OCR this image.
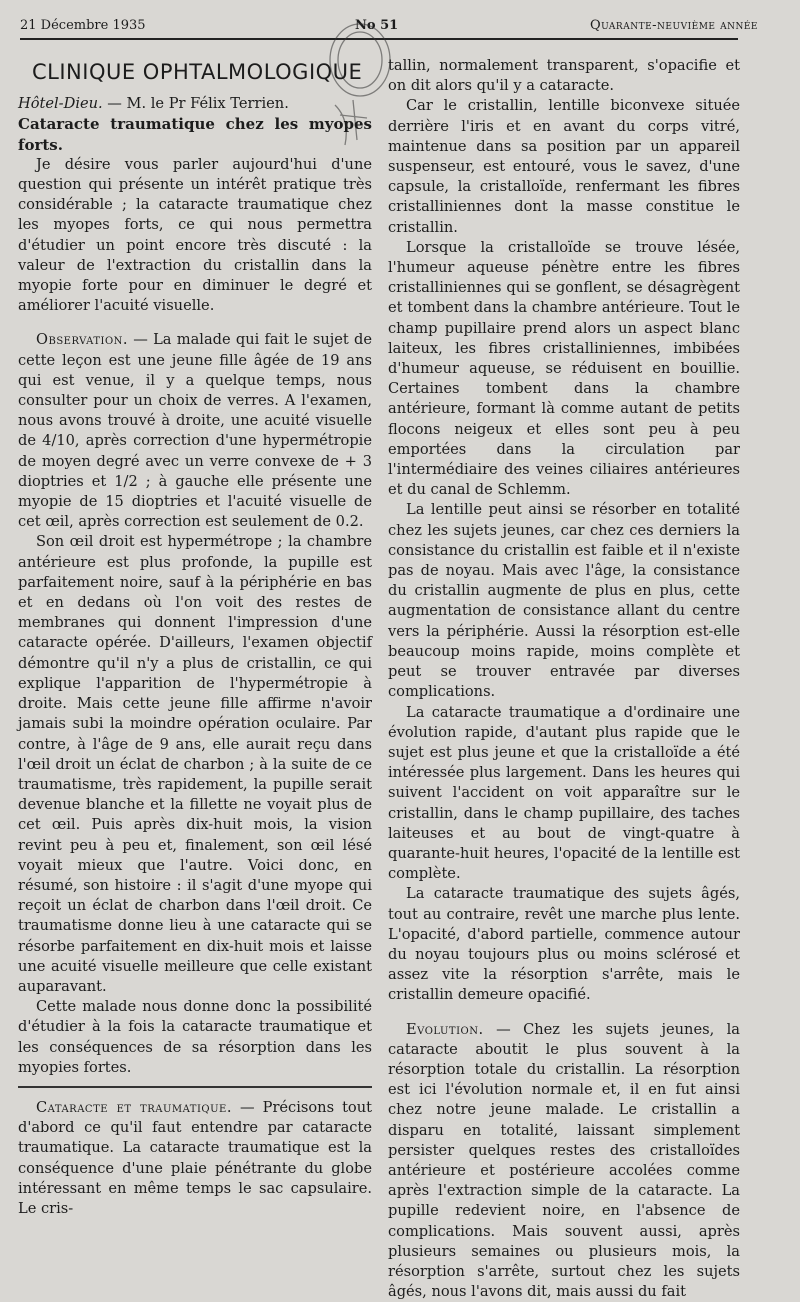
21 Décembre 1935	No 51	Quarante-neuvième année
CLINIQUE OPHTALMOLOGIQUE

Hôtel-Dieu. — M. le Pr Félix Terrien.

Cataracte traumatique chez les myopes forts.

Je désire vous parler aujourd'hui d'une question qui présente un intérêt pratique très considérable ; la cataracte traumatique chez les myopes forts, ce qui nous permettra d'étudier un point encore très discuté : la valeur de l'extraction du cristallin dans la myopie forte pour en diminuer le degré et améliorer l'acuité visuelle.

Observation. — La malade qui fait le sujet de cette leçon est une jeune fille âgée de 19 ans qui est venue, il y a quelque temps, nous consulter pour un choix de verres. A l'examen, nous avons trouvé à droite, une acuité visuelle de 4/10, après correction d'une hypermétropie de moyen degré avec un verre convexe de + 3 dioptries et 1/2 ; à gauche elle présente une myopie de 15 dioptries et l'acuité visuelle de cet œil, après correction est seulement de 0.2.

Son œil droit est hypermétrope ; la chambre antérieure est plus profonde, la pupille est parfaitement noire, sauf à la périphérie en bas et en dedans où l'on voit des restes de membranes qui donnent l'impression d'une cataracte opérée. D'ailleurs, l'examen objectif démontre qu'il n'y a plus de cristallin, ce qui explique l'apparition de l'hypermétropie à droite. Mais cette jeune fille affirme n'avoir jamais subi la moindre opération oculaire. Par contre, à l'âge de 9 ans, elle aurait reçu dans l'œil droit un éclat de charbon ; à la suite de ce traumatisme, très rapidement, la pupille serait devenue blanche et la fillette ne voyait plus de cet œil. Puis après dix-huit mois, la vision revint peu à peu et, finalement, son œil lésé voyait mieux que l'autre. Voici donc, en résumé, son histoire : il s'agit d'une myope qui reçoit un éclat de charbon dans l'œil droit. Ce traumatisme donne lieu à une cataracte qui se résorbe parfaitement en dix-huit mois et laisse une acuité visuelle meilleure que celle existant auparavant.

Cette malade nous donne donc la possibilité d'étudier à la fois la cataracte traumatique et les conséquences de sa résorption dans les myopies fortes.

Cataracte et traumatique. — Précisons tout d'abord ce qu'il faut entendre par cataracte traumatique. La cataracte traumatique est la conséquence d'une plaie pénétrante du globe intéressant en même temps le sac capsulaire. Le cris-

tallin, normalement transparent, s'opacifie et on dit alors qu'il y a cataracte.

Car le cristallin, lentille biconvexe située derrière l'iris et en avant du corps vitré, maintenue dans sa position par un appareil suspenseur, est entouré, vous le savez, d'une capsule, la cristalloïde, renfermant les fibres cristalliniennes dont la masse constitue le cristallin.

Lorsque la cristalloïde se trouve lésée, l'humeur aqueuse pénètre entre les fibres cristalliniennes qui se gonflent, se désagrègent et tombent dans la chambre antérieure. Tout le champ pupillaire prend alors un aspect blanc laiteux, les fibres cristalliniennes, imbibées d'humeur aqueuse, se réduisent en bouillie. Certaines tombent dans la chambre antérieure, formant là comme autant de petits flocons neigeux et elles sont peu à peu emportées dans la circulation par l'intermédiaire des veines ciliaires antérieures et du canal de Schlemm.

La lentille peut ainsi se résorber en totalité chez les sujets jeunes, car chez ces derniers la consistance du cristallin est faible et il n'existe pas de noyau. Mais avec l'âge, la consistance du cristallin augmente de plus en plus, cette augmentation de consistance allant du centre vers la périphérie. Aussi la résorption est-elle beaucoup moins rapide, moins complète et peut se trouver entravée par diverses complications.

La cataracte traumatique a d'ordinaire une évolution rapide, d'autant plus rapide que le sujet est plus jeune et que la cristalloïde a été intéressée plus largement. Dans les heures qui suivent l'accident on voit apparaître sur le cristallin, dans le champ pupillaire, des taches laiteuses et au bout de vingt-quatre à quarante-huit heures, l'opacité de la lentille est complète.

La cataracte traumatique des sujets âgés, tout au contraire, revêt une marche plus lente. L'opacité, d'abord partielle, commence autour du noyau toujours plus ou moins sclérosé et assez vite la résorption s'arrête, mais le cristallin demeure opacifié.

Evolution. — Chez les sujets jeunes, la cataracte aboutit le plus souvent à la résorption totale du cristallin. La résorption est ici l'évolution normale et, il en fut ainsi chez notre jeune malade. Le cristallin a disparu en totalité, laissant simplement persister quelques restes des cristalloïdes antérieure et postérieure accolées comme après l'extraction simple de la cataracte. La pupille redevient noire, en l'absence de complications. Mais souvent aussi, après plusieurs semaines ou plusieurs mois, la résorption s'arrête, surtout chez les sujets âgés, nous l'avons dit, mais aussi du fait
